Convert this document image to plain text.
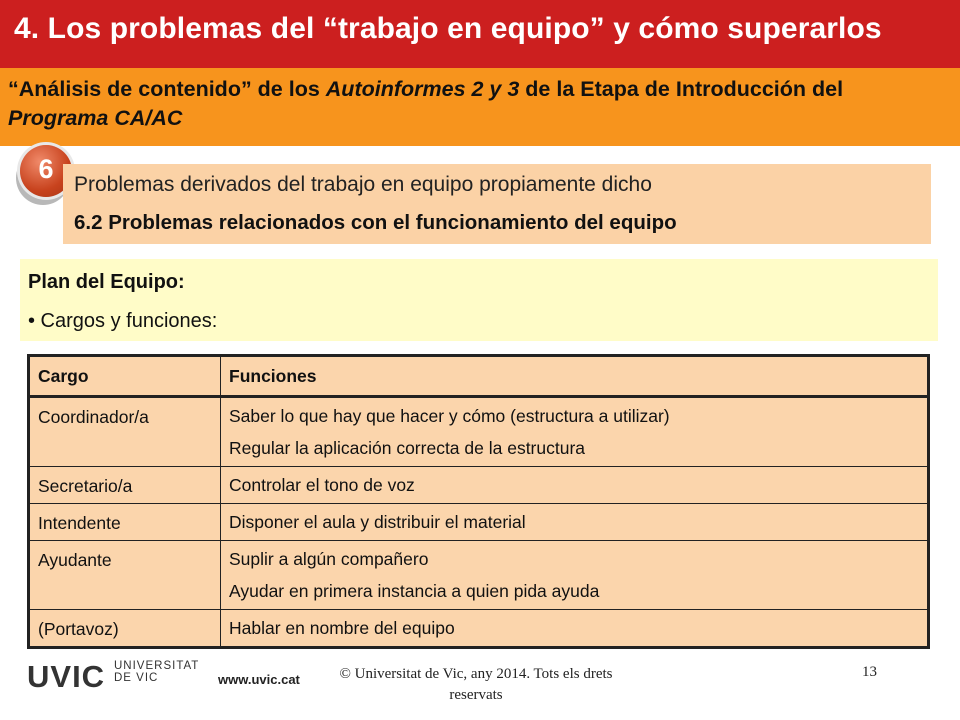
4. Los problemas del “trabajo en equipo” y cómo superarlos
“Análisis de contenido” de los Autoinformes 2 y 3 de la Etapa de Introducción del Programa CA/AC
6
Problemas derivados del trabajo en equipo propiamente dicho
6.2 Problemas relacionados con el funcionamiento del equipo
Plan del Equipo:
• Cargos y funciones:
Cargo	Funciones
Coordinador/a	Saber lo que hay que hacer y cómo (estructura a utilizar)
Regular la aplicación correcta de la estructura

Secretario/a	Controlar el tono de voz

Intendente	Disponer el aula y distribuir el material

Ayudante	Suplir a algún compañero
Ayudar en primera instancia a quien pida ayuda

(Portavoz)	Hablar en nombre del equipo
UVIC UNIVERSITAT
DE VIC	www.uvic.cat	© Universitat de Vic, any 2014. Tots els drets reservats
13
